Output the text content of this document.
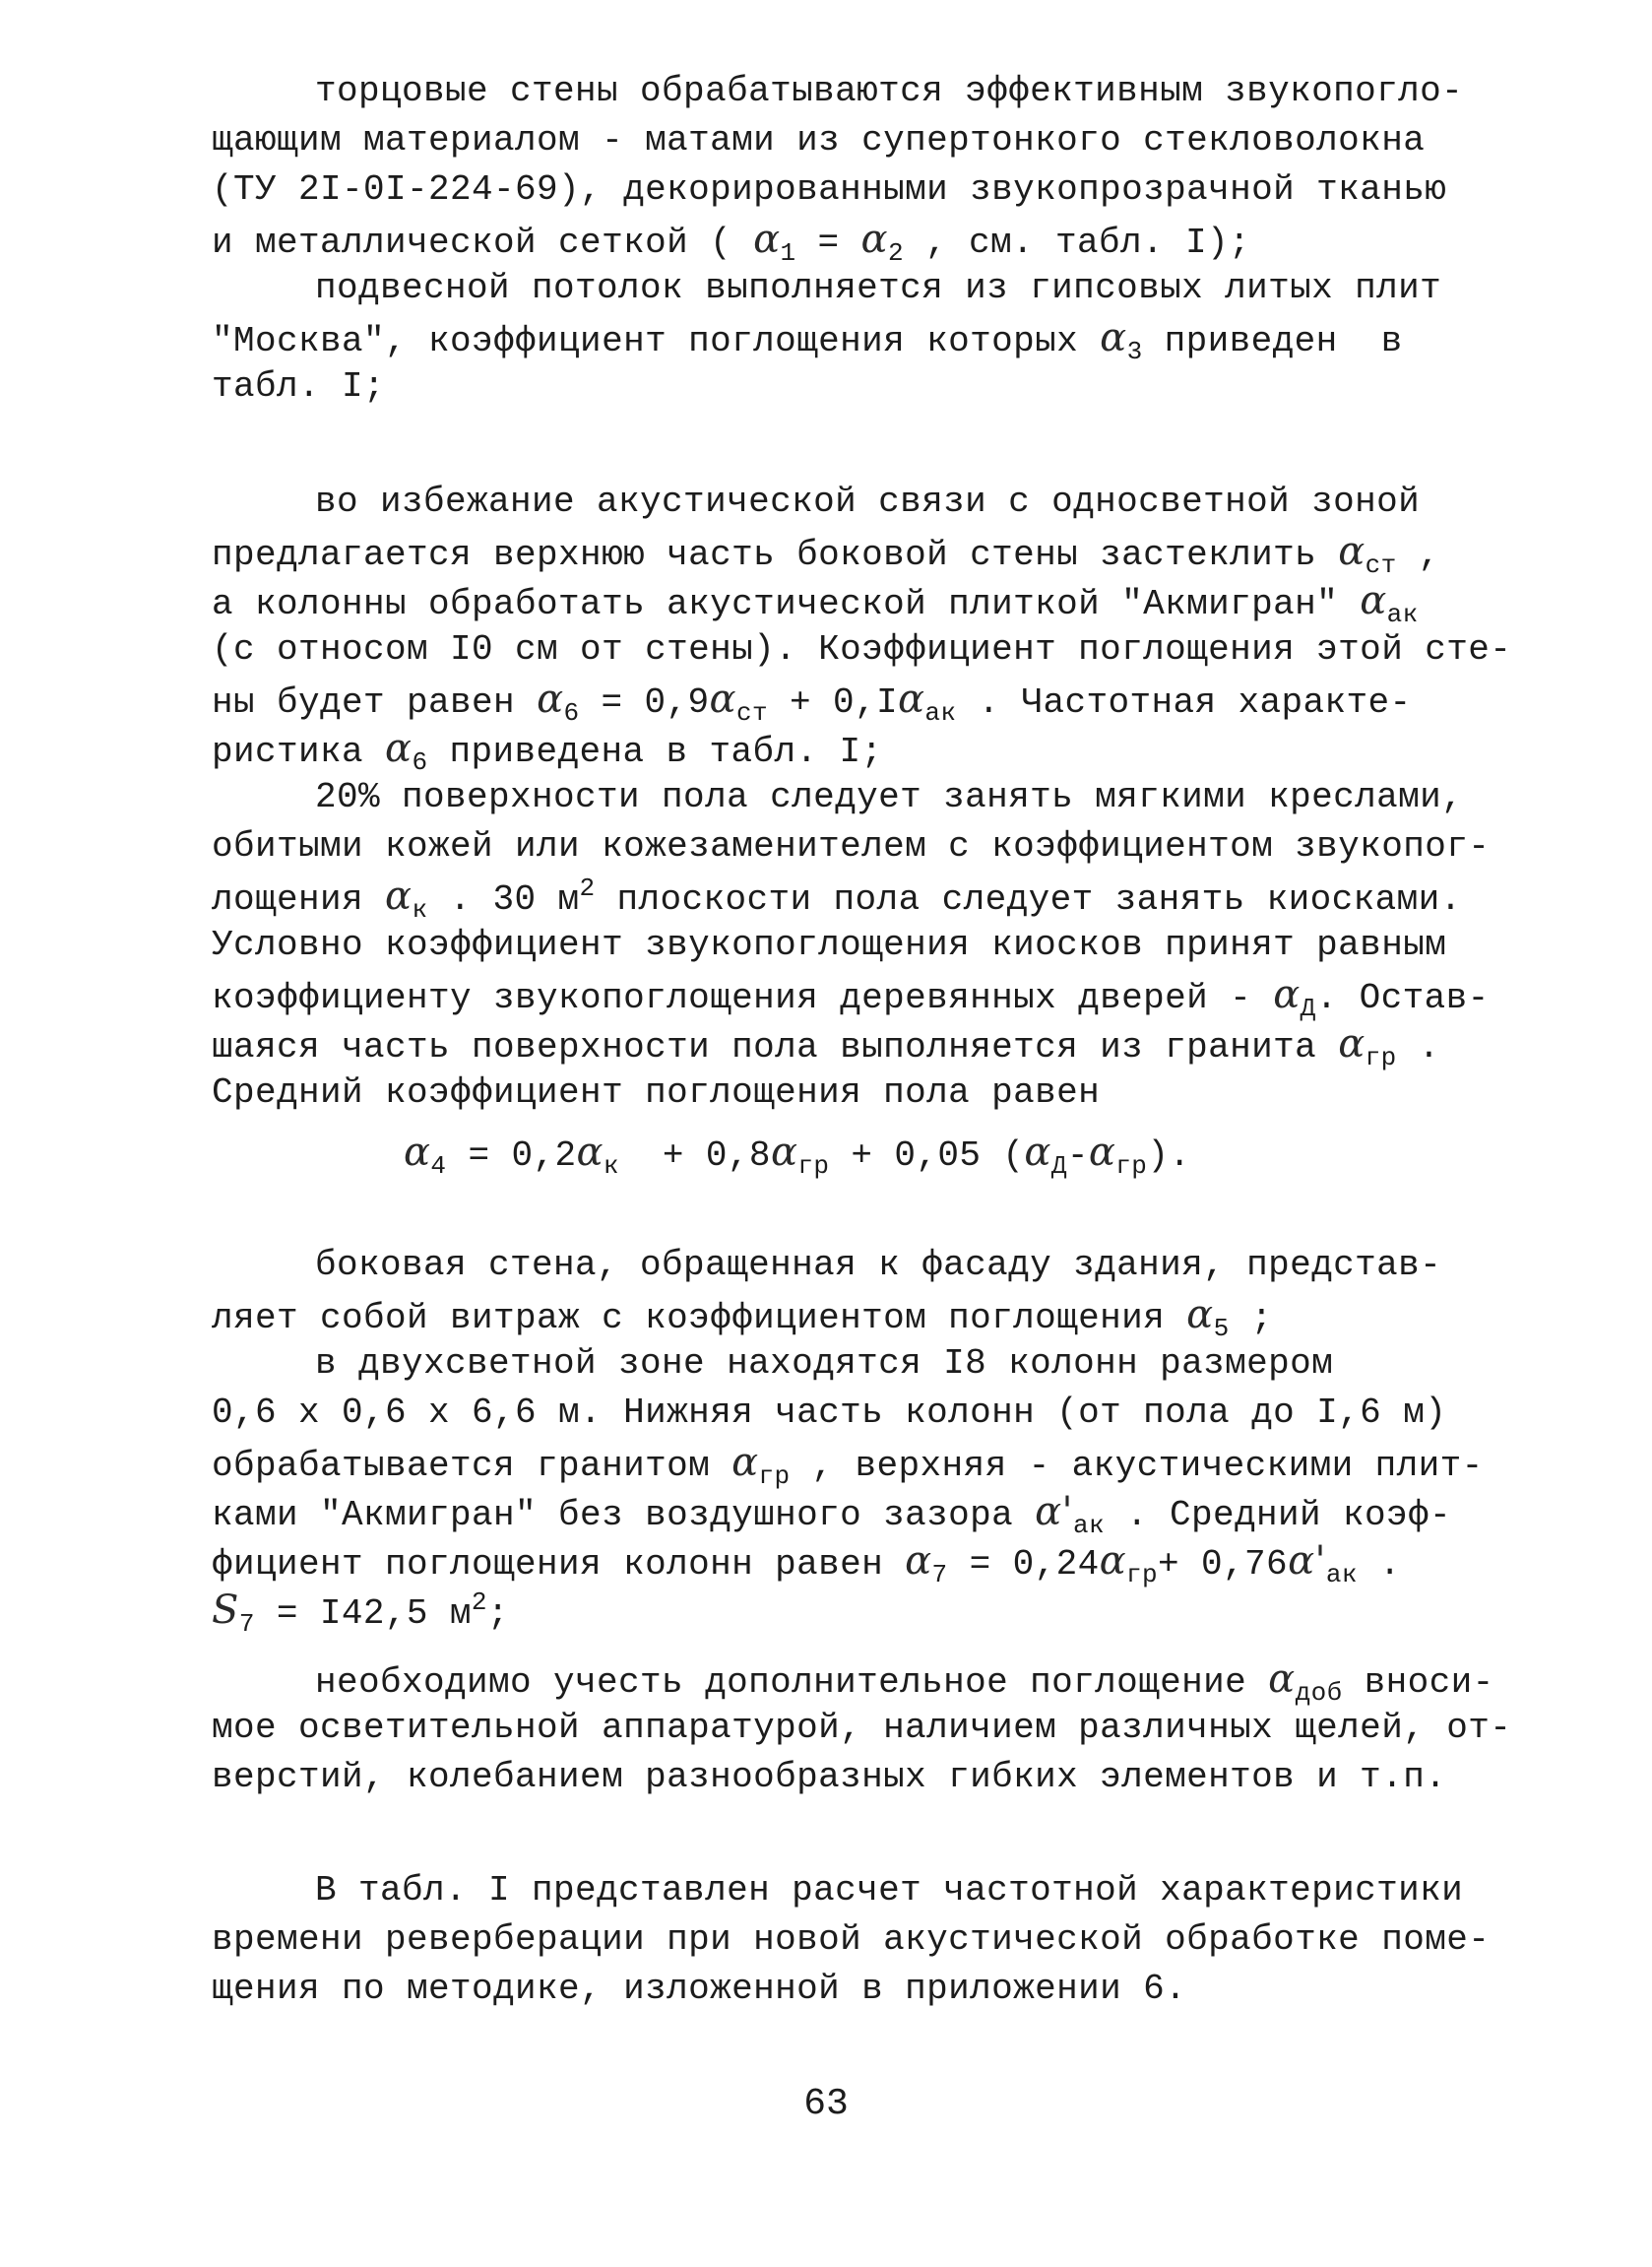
торцовые стены обрабатываются эффективным звукопогло-
щающим материалом - матами из супертонкого стекловолокна
(ТУ 2I-0I-224-69), декорированными звукопрозрачной тканью
и металлической сеткой ( $\alpha_1 = \alpha_2$ , см. табл. I);
подвесной потолок выполняется из гипсовых литых плит
"Москва", коэффициент поглощения которых $\alpha_3$ приведен  в
табл. I;
во избежание акустической связи с односветной зоной
предлагается верхнюю часть боковой стены застеклить $\alpha_{ст}$ ,
а колонны обработать акустической плиткой "Акмигран" $\alpha_{ак}$
(с относом I0 см от стены). Коэффициент поглощения этой сте-
ны будет равен $\alpha_6 = 0,9\alpha_{ст} + 0,I\alpha_{ак}$ . Частотная характе-
ристика $\alpha_6$ приведена в табл. I;
20% поверхности пола следует занять мягкими креслами,
обитыми кожей или кожезаменителем с коэффициентом звукопог-
лощения $\alpha_к$ . 30 $м^2$ плоскости пола следует занять киосками.
Условно коэффициент звукопоглощения киосков принят равным
коэффициенту звукопоглощения деревянных дверей - $\alpha_Д$. Остав-
шаяся часть поверхности пола выполняется из гранита $\alpha_{гр}$ .
Средний коэффициент поглощения пола равен
$\alpha_4 = 0,2\alpha_к + 0,8\alpha_{гр} + 0,05$ $(\alpha_Д-\alpha_{гр})$.
боковая стена, обращенная к фасаду здания, представ-
ляет собой витраж с коэффициентом поглощения $\alpha_5$ ;
в двухсветной зоне находятся I8 колонн размером
0,6 х 0,6 х 6,6 м. Нижняя часть колонн (от пола до I,6 м)
обрабатывается гранитом $\alpha_{гр}$ , верхняя - акустическими плит-
ками "Акмигран" без воздушного зазора $\alpha'_{ак}$ . Средний коэф-
фициент поглощения колонн равен $\alpha_7 = 0,24\alpha_{гр}+ 0,76\alpha'_{ак}$ .
$S_7 = I42,5$ $м^2$;
необходимо учесть дополнительное поглощение $\alpha_{доб}$ вноси-
мое осветительной аппаратурой, наличием различных щелей, от-
верстий, колебанием разнообразных гибких элементов и т.п.
В табл. I представлен расчет частотной характеристики
времени реверберации при новой акустической обработке поме-
щения по методике, изложенной в приложении 6.
63
